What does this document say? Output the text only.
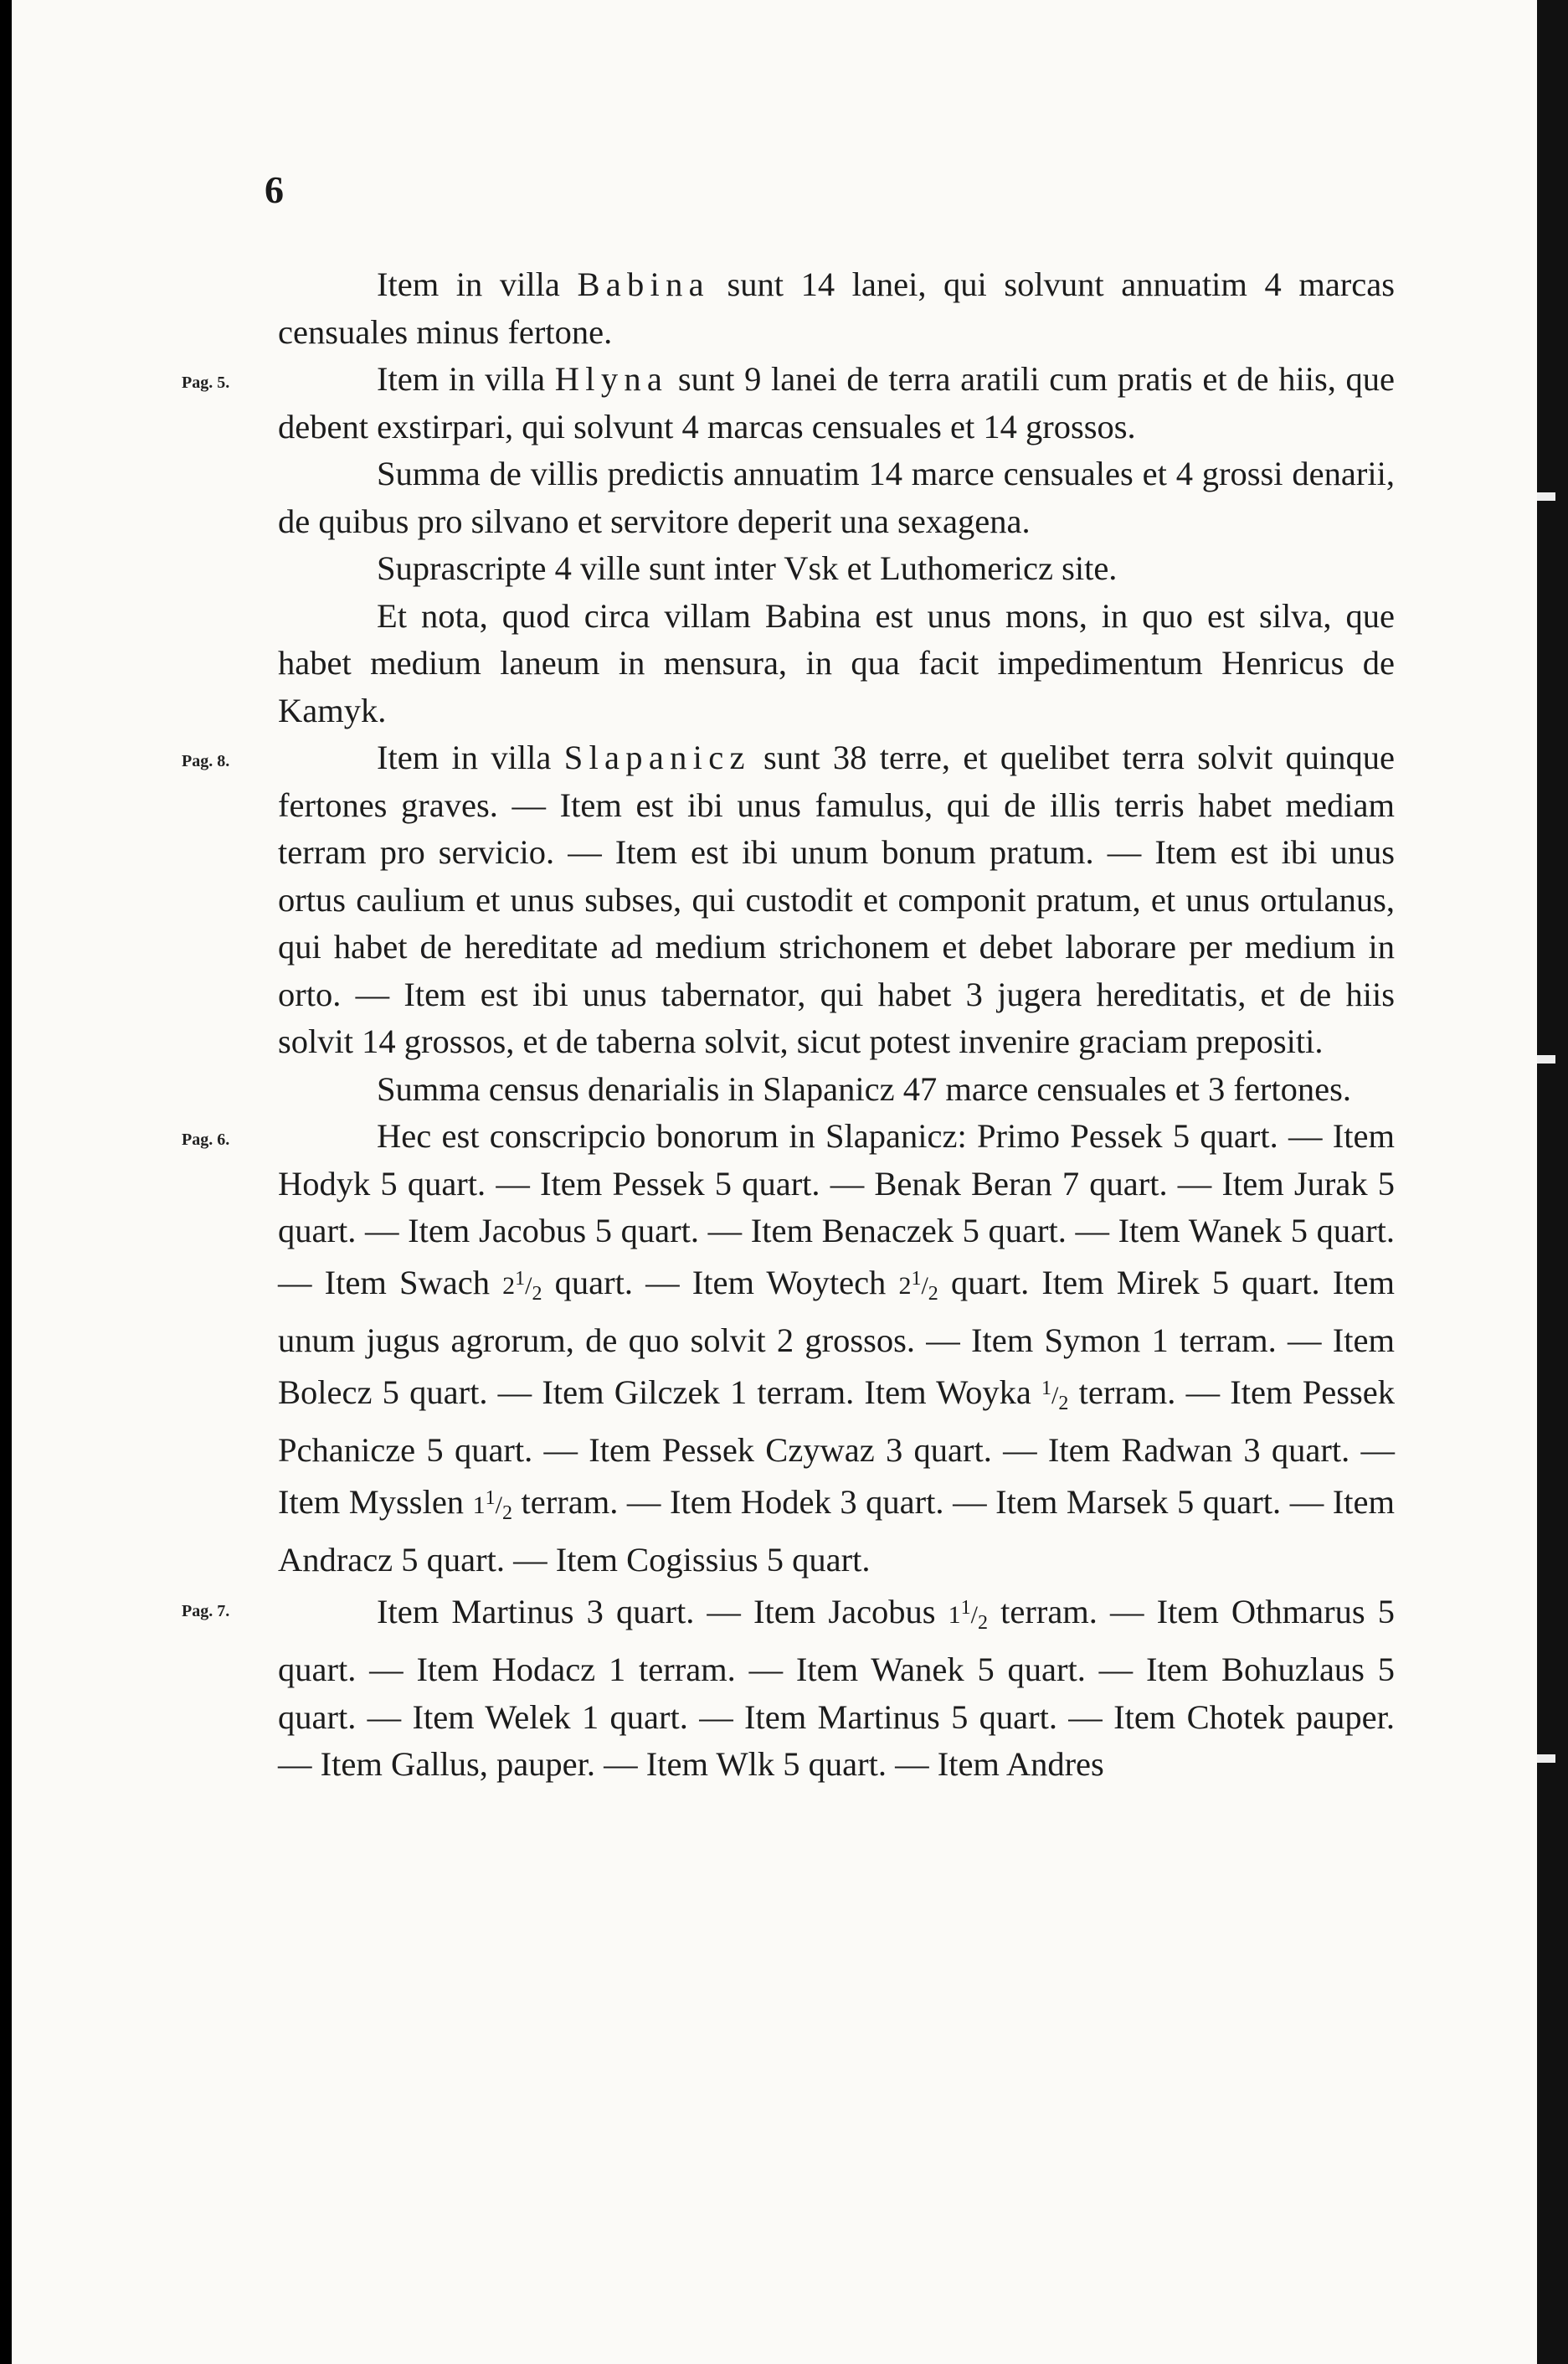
6

Item in villa Babina sunt 14 lanei, qui solvunt annuatim 4 marcas censuales minus fertone.

Pag. 5.	Item in villa Hlyna sunt 9 lanei de terra aratili cum pratis et de hiis, que debent exstirpari, qui solvunt 4 marcas censuales et 14 grossos.

Summa de villis predictis annuatim 14 marce censuales et 4 grossi denarii, de quibus pro silvano et servitore deperit una sexagena.

Suprascripte 4 ville sunt inter Vsk et Luthomericz site.

Et nota, quod circa villam Babina est unus mons, in quo est silva, que habet medium laneum in mensura, in qua facit impedimentum Henricus de Kamyk.

Pag. 8.	Item in villa Slapanicz sunt 38 terre, et quelibet terra solvit quinque fertones graves. — Item est ibi unus famulus, qui de illis terris habet mediam terram pro servicio. — Item est ibi unum bonum pratum. — Item est ibi unus ortus caulium et unus subses, qui custodit et componit pratum, et unus ortulanus, qui habet de hereditate ad medium strichonem et debet laborare per medium in orto. — Item est ibi unus tabernator, qui habet 3 jugera hereditatis, et de hiis solvit 14 grossos, et de taberna solvit, sicut potest invenire graciam prepositi.

Summa census denarialis in Slapanicz 47 marce censuales et 3 fertones.

Pag. 6.	Hec est conscripcio bonorum in Slapanicz: Primo Pessek 5 quart. — Item Hodyk 5 quart. — Item Pessek 5 quart. — Benak Beran 7 quart. — Item Jurak 5 quart. — Item Jacobus 5 quart. — Item Benaczek 5 quart. — Item Wanek 5 quart. — Item Swach $2^1/_2$ quart. — Item Woytech $2^1/_2$ quart. Item Mirek 5 quart. Item unum jugus agrorum, de quo solvit 2 grossos. — Item Symon 1 terram. — Item Bolecz 5 quart. — Item Gilczek 1 terram. Item Woyka $^1/_2$ terram. — Item Pessek Pchanicze 5 quart. — Item Pessek Czywaz 3 quart. — Item Radwan 3 quart. — Item Mysslen $1^1/_2$ terram. — Item Hodek 3 quart. — Item Marsek 5 quart. — Item Andracz 5 quart. — Item Cogissius 5 quart.

Pag. 7.	Item Martinus 3 quart. — Item Jacobus $1^1/_2$ terram. — Item Othmarus 5 quart. — Item Hodacz 1 terram. — Item Wanek 5 quart. — Item Bohuzlaus 5 quart. — Item Welek 1 quart. — Item Martinus 5 quart. — Item Chotek pauper. — Item Gallus, pauper. — Item Wlk 5 quart. — Item Andres
